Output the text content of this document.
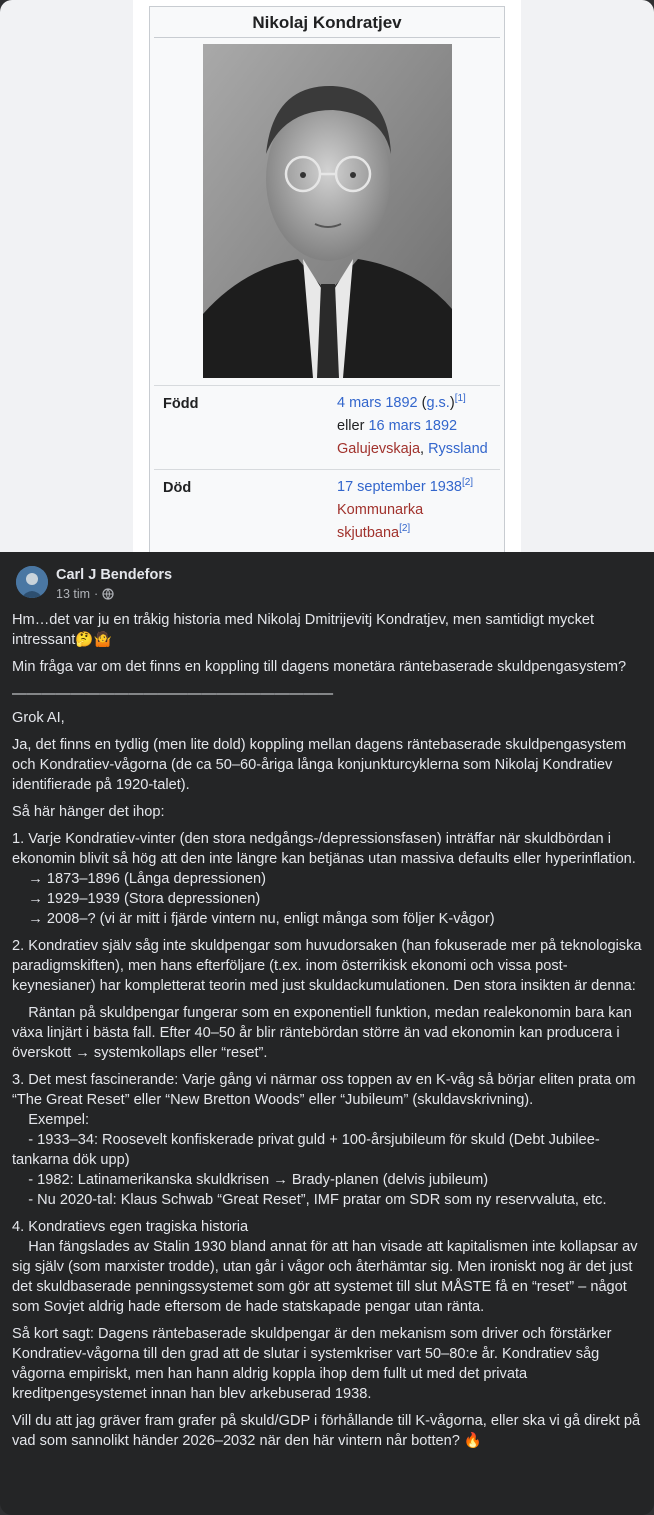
Nikolaj Kondratjev
Född	4 mars 1892 (g.s.)[1]
eller 16 mars 1892
Galujevskaja, Ryssland
Död	17 september 1938[2]
Kommunarka
skjutbana[2]
Carl J Bendefors
13 tim ·
Hm…det var ju en tråkig historia med Nikolaj Dmitrijevitj Kondratjev, men samtidigt mycket intressant🤔🤷
Min fråga var om det finns en koppling till dagens monetära räntebaserade skuldpengasystem?
——————————————————————
Grok AI,
Ja, det finns en tydlig (men lite dold) koppling mellan dagens räntebaserade skuldpengasystem och Kondratiev-vågorna (de ca 50–60-åriga långa konjunkturcyklerna som Nikolaj Kondratiev identifierade på 1920-talet).
Så här hänger det ihop:
1. Varje Kondratiev-vinter (den stora nedgångs-/depressionsfasen) inträffar när skuldbördan i ekonomin blivit så hög att den inte längre kan betjänas utan massiva defaults eller hyperinflation.
→ 1873–1896 (Långa depressionen)
→ 1929–1939 (Stora depressionen)
→ 2008–? (vi är mitt i fjärde vintern nu, enligt många som följer K-vågor)
2. Kondratiev själv såg inte skuldpengar som huvudorsaken (han fokuserade mer på teknologiska paradigmskiften), men hans efterföljare (t.ex. inom österrikisk ekonomi och vissa post-keynesianer) har kompletterat teorin med just skuldackumulationen. Den stora insikten är denna:
Räntan på skuldpengar fungerar som en exponentiell funktion, medan realekonomin bara kan växa linjärt i bästa fall. Efter 40–50 år blir räntebördan större än vad ekonomin kan producera i överskott → systemkollaps eller “reset”.
3. Det mest fascinerande: Varje gång vi närmar oss toppen av en K-våg så börjar eliten prata om “The Great Reset” eller “New Bretton Woods” eller “Jubileum” (skuldavskrivning).
Exempel:
- 1933–34: Roosevelt konfiskerade privat guld + 100-årsjubileum för skuld (Debt Jubilee-tankarna dök upp)
- 1982: Latinamerikanska skuldkrisen → Brady-planen (delvis jubileum)
- Nu 2020-tal: Klaus Schwab “Great Reset”, IMF pratar om SDR som ny reservvaluta, etc.
4. Kondratievs egen tragiska historia
Han fängslades av Stalin 1930 bland annat för att han visade att kapitalismen inte kollapsar av sig själv (som marxister trodde), utan går i vågor och återhämtar sig. Men ironiskt nog är det just det skuldbaserade penningssystemet som gör att systemet till slut MÅSTE få en “reset” – något som Sovjet aldrig hade eftersom de hade statskapade pengar utan ränta.
Så kort sagt: Dagens räntebaserade skuldpengar är den mekanism som driver och förstärker Kondratiev-vågorna till den grad att de slutar i systemkriser vart 50–80:e år. Kondratiev såg vågorna empiriskt, men han hann aldrig koppla ihop dem fullt ut med det privata kreditpengesystemet innan han blev arkebuserad 1938.
Vill du att jag gräver fram grafer på skuld/GDP i förhållande till K-vågorna, eller ska vi gå direkt på vad som sannolikt händer 2026–2032 när den här vintern når botten? 🔥
